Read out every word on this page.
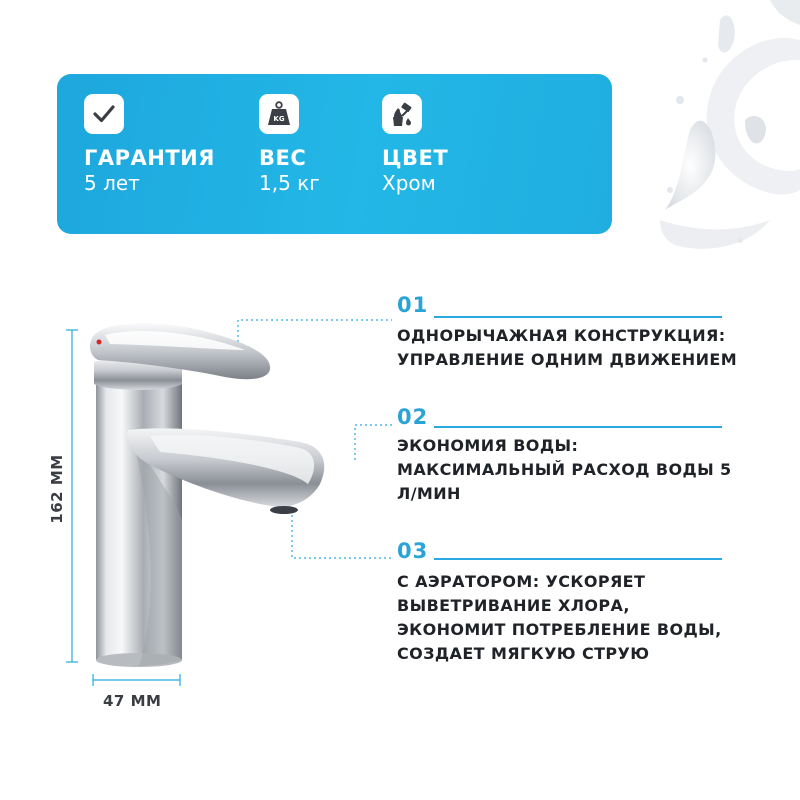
ГАРАНТИЯ
5 лет
KG
ВЕС
1,5 кг
ЦВЕТ
Хром
162 ММ
47 ММ
01
ОДНОРЫЧАЖНАЯ КОНСТРУКЦИЯ:
УПРАВЛЕНИЕ ОДНИМ ДВИЖЕНИЕМ
02
ЭКОНОМИЯ ВОДЫ:
МАКСИМАЛЬНЫЙ РАСХОД ВОДЫ 5
Л/МИН
03
С АЭРАТОРОМ: УСКОРЯЕТ
ВЫВЕТРИВАНИЕ ХЛОРА,
ЭКОНОМИТ ПОТРЕБЛЕНИЕ ВОДЫ,
СОЗДАЕТ МЯГКУЮ СТРУЮ
